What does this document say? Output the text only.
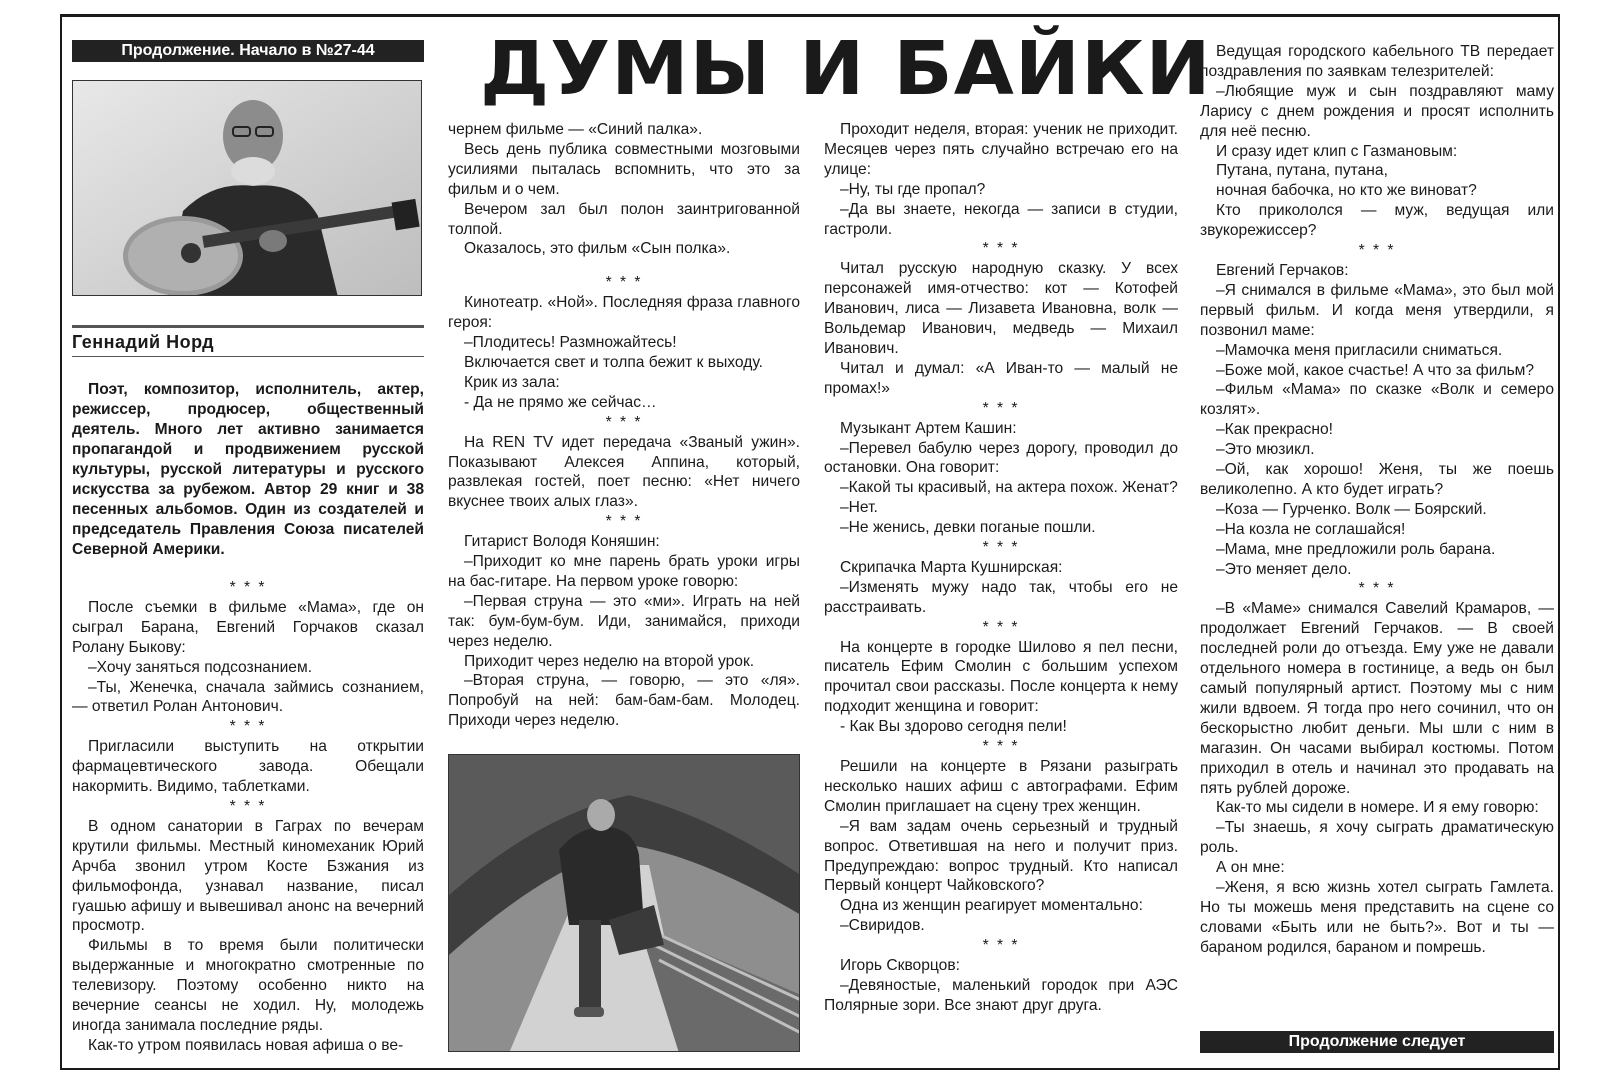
Продолжение. Начало в №27-44
Геннадий Норд

Поэт, композитор, исполнитель, актер, режиссер, продюсер, общественный деятель. Много лет активно занимается пропагандой и продвижением русской культуры, русской литературы и русского искусства за рубежом. Автор 29 книг и 38 песенных альбомов. Один из создателей и председатель Правления Союза писателей Северной Америки.

ДУМЫ И БАЙКИ

* * *

После съемки в фильме «Мама», где он сыграл Барана, Евгений Горчаков сказал Ролану Быкову:

–Хочу заняться подсознанием.

–Ты, Женечка, сначала займись сознанием, — ответил Ролан Антонович.

* * *

Пригласили выступить на открытии фармацевтического завода. Обещали накормить. Видимо, таблетками.

* * *

В одном санатории в Гаграх по вечерам крутили фильмы. Местный киномеханик Юрий Арчба звонил утром Косте Бзжания из фильмофонда, узнавал название, писал гуашью афишу и вывешивал анонс на вечерний просмотр.

Фильмы в то время были политически выдержанные и многократно смотренные по телевизору. Поэтому особенно никто на вечерние сеансы не ходил. Ну, молодежь иногда занимала последние ряды.

Как-то утром появилась новая афиша о ве-

чернем фильме — «Синий палка».

Весь день публика совместными мозговыми усилиями пыталась вспомнить, что это за фильм и о чем.

Вечером зал был полон заинтригованной толпой.

Оказалось, это фильм «Сын полка».

* * *

Кинотеатр. «Ной». Последняя фраза главного героя:

–Плодитесь! Размножайтесь!

Включается свет и толпа бежит к выходу.

Крик из зала:

- Да не прямо же сейчас…

* * *

На REN TV идет передача «Званый ужин». Показывают Алексея Аппина, который, развлекая гостей, поет песню: «Нет ничего вкуснее твоих алых глаз».

* * *

Гитарист Володя Коняшин:

–Приходит ко мне парень брать уроки игры на бас-гитаре. На первом уроке говорю:

–Первая струна — это «ми». Играть на ней так: бум-бум-бум. Иди, занимайся, приходи через неделю.

Приходит через неделю на второй урок.

–Вторая струна, — говорю, — это «ля». Попробуй на ней: бам-бам-бам. Молодец. Приходи через неделю.

Проходит неделя, вторая: ученик не приходит. Месяцев через пять случайно встречаю его на улице:

–Ну, ты где пропал?

–Да вы знаете, некогда — записи в студии, гастроли.

* * *

Читал русскую народную сказку. У всех персонажей имя-отчество: кот — Котофей Иванович, лиса — Лизавета Ивановна, волк — Вольдемар Иванович, медведь — Михаил Иванович.

Читал и думал: «А Иван-то — малый не промах!»

* * *

Музыкант Артем Кашин:

–Перевел бабулю через дорогу, проводил до остановки. Она говорит:

–Какой ты красивый, на актера похож. Женат?

–Нет.

–Не женись, девки поганые пошли.

* * *

Скрипачка Марта Кушнирская:

–Изменять мужу надо так, чтобы его не расстраивать.

* * *

На концерте в городке Шилово я пел песни, писатель Ефим Смолин с большим успехом прочитал свои рассказы. После концерта к нему подходит женщина и говорит:

- Как Вы здорово сегодня пели!

* * *

Решили на концерте в Рязани разыграть несколько наших афиш с автографами. Ефим Смолин приглашает на сцену трех женщин.

–Я вам задам очень серьезный и трудный вопрос. Ответившая на него и получит приз. Предупреждаю: вопрос трудный. Кто написал Первый концерт Чайковского?

Одна из женщин реагирует моментально:

–Свиридов.

* * *

Игорь Скворцов:

–Девяностые, маленький городок при АЭС Полярные зори. Все знают друг друга.

Ведущая городского кабельного ТВ передает поздравления по заявкам телезрителей:

–Любящие муж и сын поздравляют маму Ларису с днем рождения и просят исполнить для неё песню.

И сразу идет клип с Газмановым:

Путана, путана, путана,

ночная бабочка, но кто же виноват?

Кто прикололся — муж, ведущая или звукорежиссер?

* * *

Евгений Герчаков:

–Я снимался в фильме «Мама», это был мой первый фильм. И когда меня утвердили, я позвонил маме:

–Мамочка меня пригласили сниматься.

–Боже мой, какое счастье! А что за фильм?

–Фильм «Мама» по сказке «Волк и семеро козлят».

–Как прекрасно!

–Это мюзикл.

–Ой, как хорошо! Женя, ты же поешь великолепно. А кто будет играть?

–Коза — Гурченко. Волк — Боярский.

–На козла не соглашайся!

–Мама, мне предложили роль барана.

–Это меняет дело.

* * *

–В «Маме» снимался Савелий Крамаров, — продолжает Евгений Герчаков. — В своей последней роли до отъезда. Ему уже не давали отдельного номера в гостинице, а ведь он был самый популярный артист. Поэтому мы с ним жили вдвоем. Я тогда про него сочинил, что он бескорыстно любит деньги. Мы шли с ним в магазин. Он часами выбирал костюмы. Потом приходил в отель и начинал это продавать на пять рублей дороже.

Как-то мы сидели в номере. И я ему говорю:

–Ты знаешь, я хочу сыграть драматическую роль.

А он мне:

–Женя, я всю жизнь хотел сыграть Гамлета. Но ты можешь меня представить на сцене со словами «Быть или не быть?». Вот и ты — бараном родился, бараном и помрешь.

Продолжение следует
